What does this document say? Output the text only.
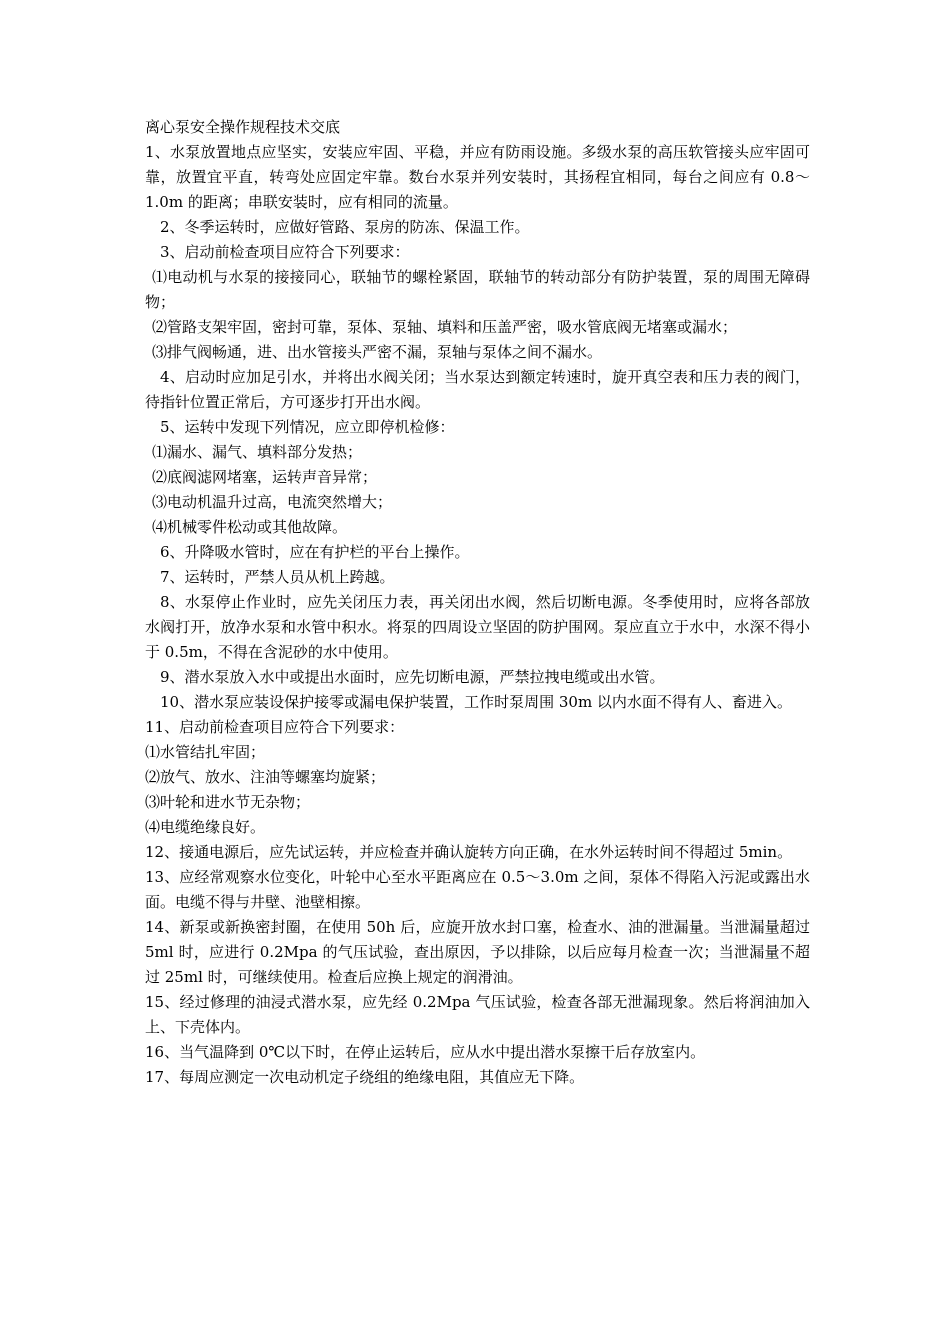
离心泵安全操作规程技术交底

1、水泵放置地点应坚实，安装应牢固、平稳，并应有防雨设施。多级水泵的高压软管接头应牢固可靠，放置宜平直，转弯处应固定牢靠。数台水泵并列安装时，其扬程宜相同，每台之间应有 0.8～1.0m 的距离；串联安装时，应有相同的流量。

2、冬季运转时，应做好管路、泵房的防冻、保温工作。

3、启动前检查项目应符合下列要求：

⑴电动机与水泵的接接同心，联轴节的螺栓紧固，联轴节的转动部分有防护装置，泵的周围无障碍物；

⑵管路支架牢固，密封可靠，泵体、泵轴、填料和压盖严密，吸水管底阀无堵塞或漏水；

⑶排气阀畅通，进、出水管接头严密不漏，泵轴与泵体之间不漏水。

4、启动时应加足引水，并将出水阀关闭；当水泵达到额定转速时，旋开真空表和压力表的阀门，待指针位置正常后，方可逐步打开出水阀。

5、运转中发现下列情况，应立即停机检修：

⑴漏水、漏气、填料部分发热；

⑵底阀滤网堵塞，运转声音异常；

⑶电动机温升过高，电流突然增大；

⑷机械零件松动或其他故障。

6、升降吸水管时，应在有护栏的平台上操作。

7、运转时，严禁人员从机上跨越。

8、水泵停止作业时，应先关闭压力表，再关闭出水阀，然后切断电源。冬季使用时，应将各部放水阀打开，放净水泵和水管中积水。将泵的四周设立坚固的防护围网。泵应直立于水中，水深不得小于 0.5m，不得在含泥砂的水中使用。

9、潜水泵放入水中或提出水面时，应先切断电源，严禁拉拽电缆或出水管。

10、潜水泵应装设保护接零或漏电保护装置，工作时泵周围 30m 以内水面不得有人、畜进入。

11、启动前检查项目应符合下列要求：

⑴水管结扎牢固；

⑵放气、放水、注油等螺塞均旋紧；

⑶叶轮和进水节无杂物；

⑷电缆绝缘良好。

12、接通电源后，应先试运转，并应检查并确认旋转方向正确，在水外运转时间不得超过 5min。

13、应经常观察水位变化，叶轮中心至水平距离应在 0.5～3.0m 之间，泵体不得陷入污泥或露出水面。电缆不得与井壁、池壁相擦。

14、新泵或新换密封圈，在使用 50h 后，应旋开放水封口塞，检查水、油的泄漏量。当泄漏量超过 5ml 时，应进行 0.2Mpa 的气压试验，查出原因，予以排除，以后应每月检查一次；当泄漏量不超过 25ml 时，可继续使用。检查后应换上规定的润滑油。

15、经过修理的油浸式潜水泵，应先经 0.2Mpa 气压试验，检查各部无泄漏现象。然后将润油加入上、下壳体内。

16、当气温降到 0℃以下时，在停止运转后，应从水中提出潜水泵擦干后存放室内。

17、每周应测定一次电动机定子绕组的绝缘电阻，其值应无下降。
